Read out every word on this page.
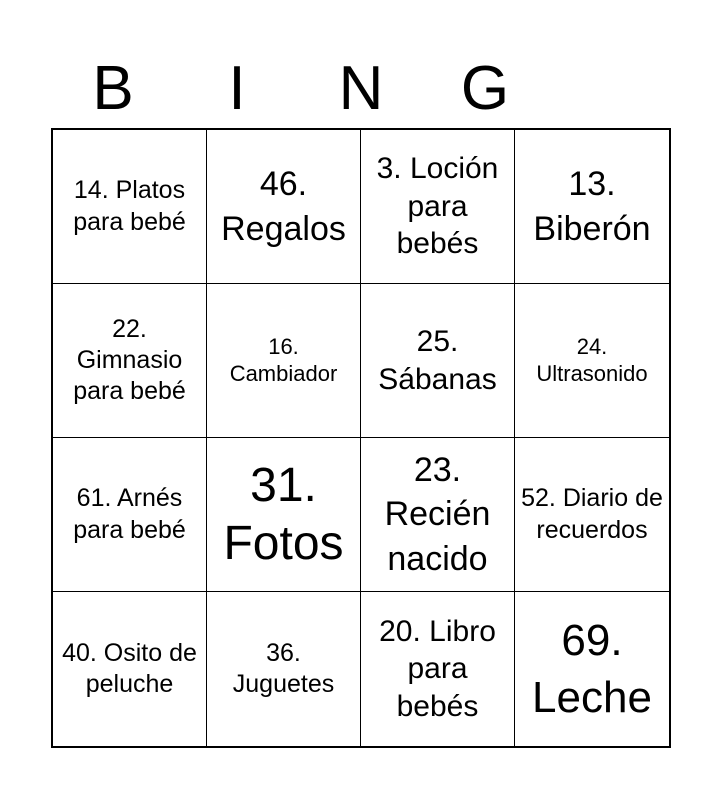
B	I	N	G
14. Platos para bebé
46. Regalos
3. Loción para bebés
13. Biberón
22. Gimnasio para bebé
16. Cambiador
25. Sábanas
24. Ultrasonido
61. Arnés para bebé
31. Fotos
23. Recién nacido
52. Diario de recuerdos
40. Osito de peluche
36. Juguetes
20. Libro para bebés
69. Leche
